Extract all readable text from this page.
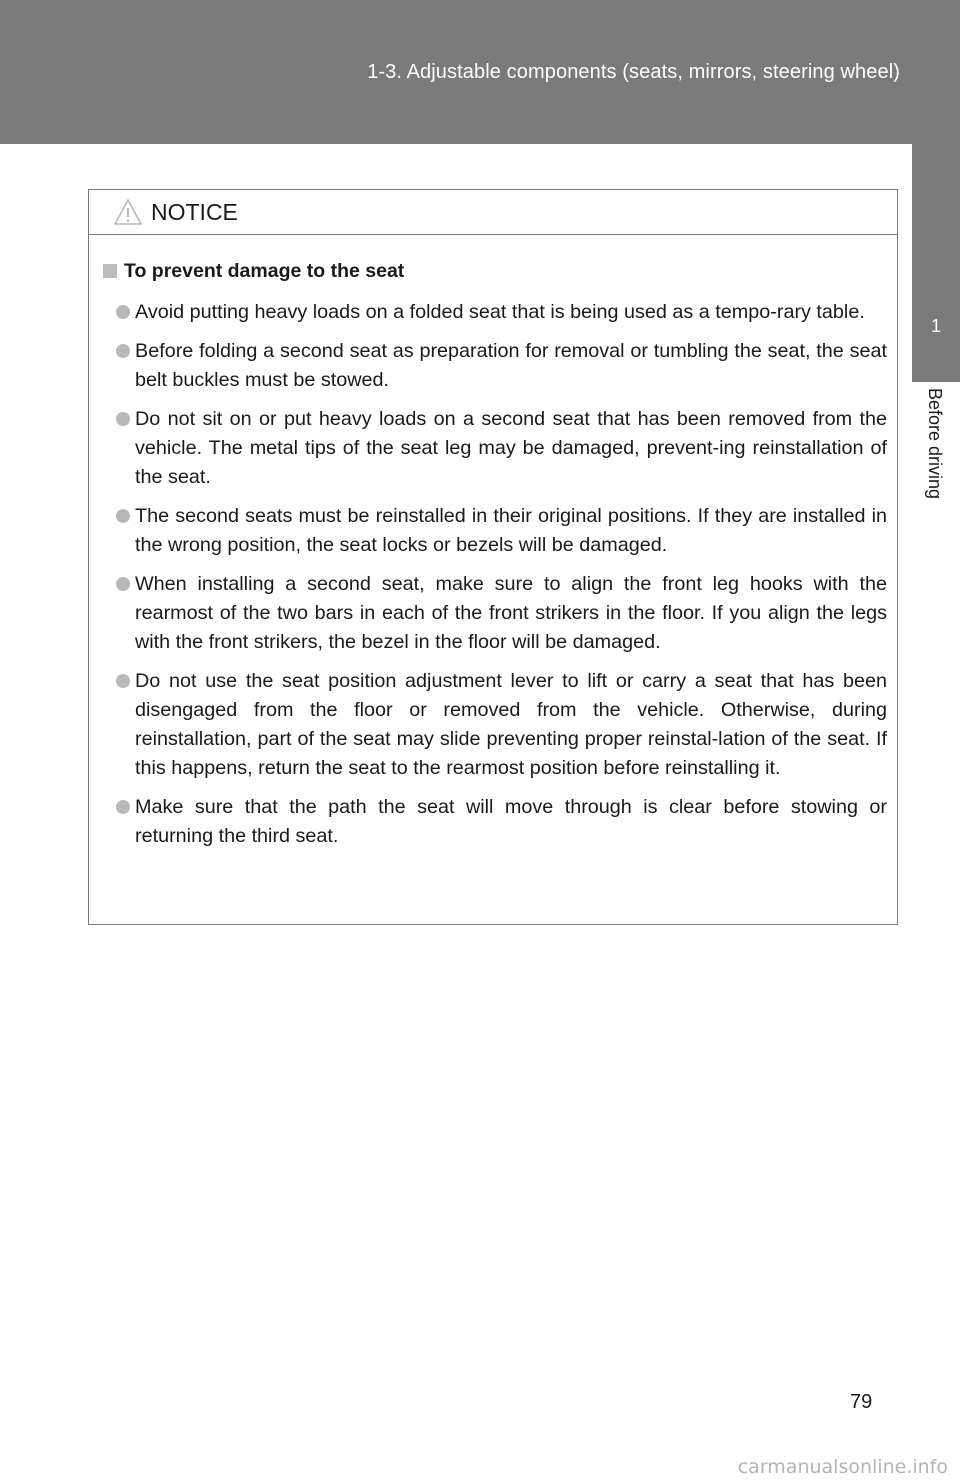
1-3. Adjustable components (seats, mirrors, steering wheel)
1
Before driving
NOTICE
To prevent damage to the seat
Avoid putting heavy loads on a folded seat that is being used as a tempo-rary table.
Before folding a second seat as preparation for removal or tumbling the seat, the seat belt buckles must be stowed.
Do not sit on or put heavy loads on a second seat that has been removed from the vehicle. The metal tips of the seat leg may be damaged, prevent-ing reinstallation of the seat.
The second seats must be reinstalled in their original positions. If they are installed in the wrong position, the seat locks or bezels will be damaged.
When installing a second seat, make sure to align the front leg hooks with the rearmost of the two bars in each of the front strikers in the floor. If you align the legs with the front strikers, the bezel in the floor will be damaged.
Do not use the seat position adjustment lever to lift or carry a seat that has been disengaged from the floor or removed from the vehicle. Otherwise, during reinstallation, part of the seat may slide preventing proper reinstal-lation of the seat. If this happens, return the seat to the rearmost position before reinstalling it.
Make sure that the path the seat will move through is clear before stowing or returning the third seat.
79
carmanualsonline.info
